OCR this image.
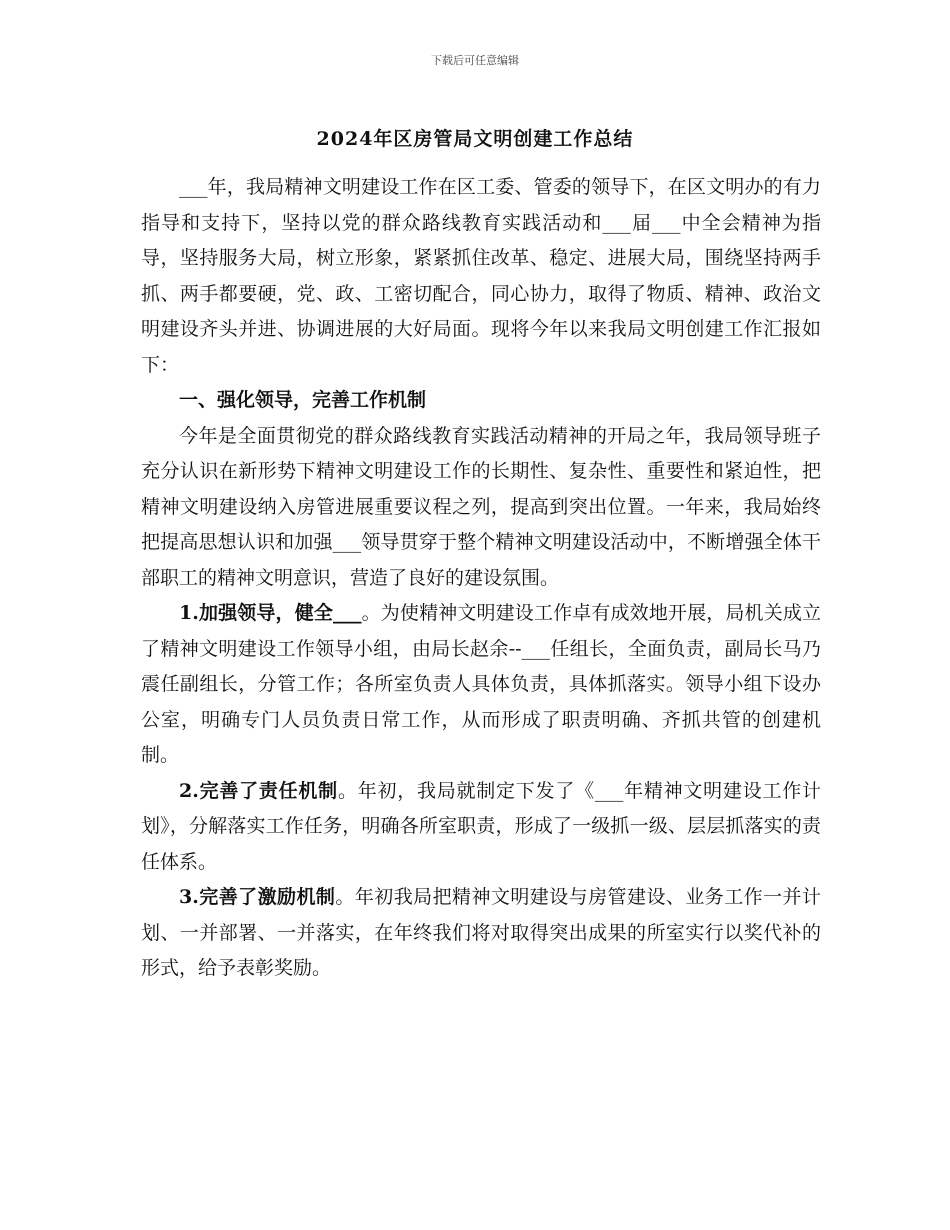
下载后可任意编辑
2024年区房管局文明创建工作总结

___年，我局精神文明建设工作在区工委、管委的领导下，在区文明办的有力指导和支持下，坚持以党的群众路线教育实践活动和___届___中全会精神为指导，坚持服务大局，树立形象，紧紧抓住改革、稳定、进展大局，围绕坚持两手抓、两手都要硬，党、政、工密切配合，同心协力，取得了物质、精神、政治文明建设齐头并进、协调进展的大好局面。现将今年以来我局文明创建工作汇报如下：

一、强化领导，完善工作机制

今年是全面贯彻党的群众路线教育实践活动精神的开局之年，我局领导班子充分认识在新形势下精神文明建设工作的长期性、复杂性、重要性和紧迫性，把精神文明建设纳入房管进展重要议程之列，提高到突出位置。一年来，我局始终把提高思想认识和加强___领导贯穿于整个精神文明建设活动中，不断增强全体干部职工的精神文明意识，营造了良好的建设氛围。

1.加强领导，健全___。为使精神文明建设工作卓有成效地开展，局机关成立了精神文明建设工作领导小组，由局长赵余--___任组长，全面负责，副局长马乃震任副组长，分管工作；各所室负责人具体负责，具体抓落实。领导小组下设办公室，明确专门人员负责日常工作，从而形成了职责明确、齐抓共管的创建机制。

2.完善了责任机制。年初，我局就制定下发了《___年精神文明建设工作计划》，分解落实工作任务，明确各所室职责，形成了一级抓一级、层层抓落实的责任体系。

3.完善了激励机制。年初我局把精神文明建设与房管建设、业务工作一并计划、一并部署、一并落实，在年终我们将对取得突出成果的所室实行以奖代补的形式，给予表彰奖励。
